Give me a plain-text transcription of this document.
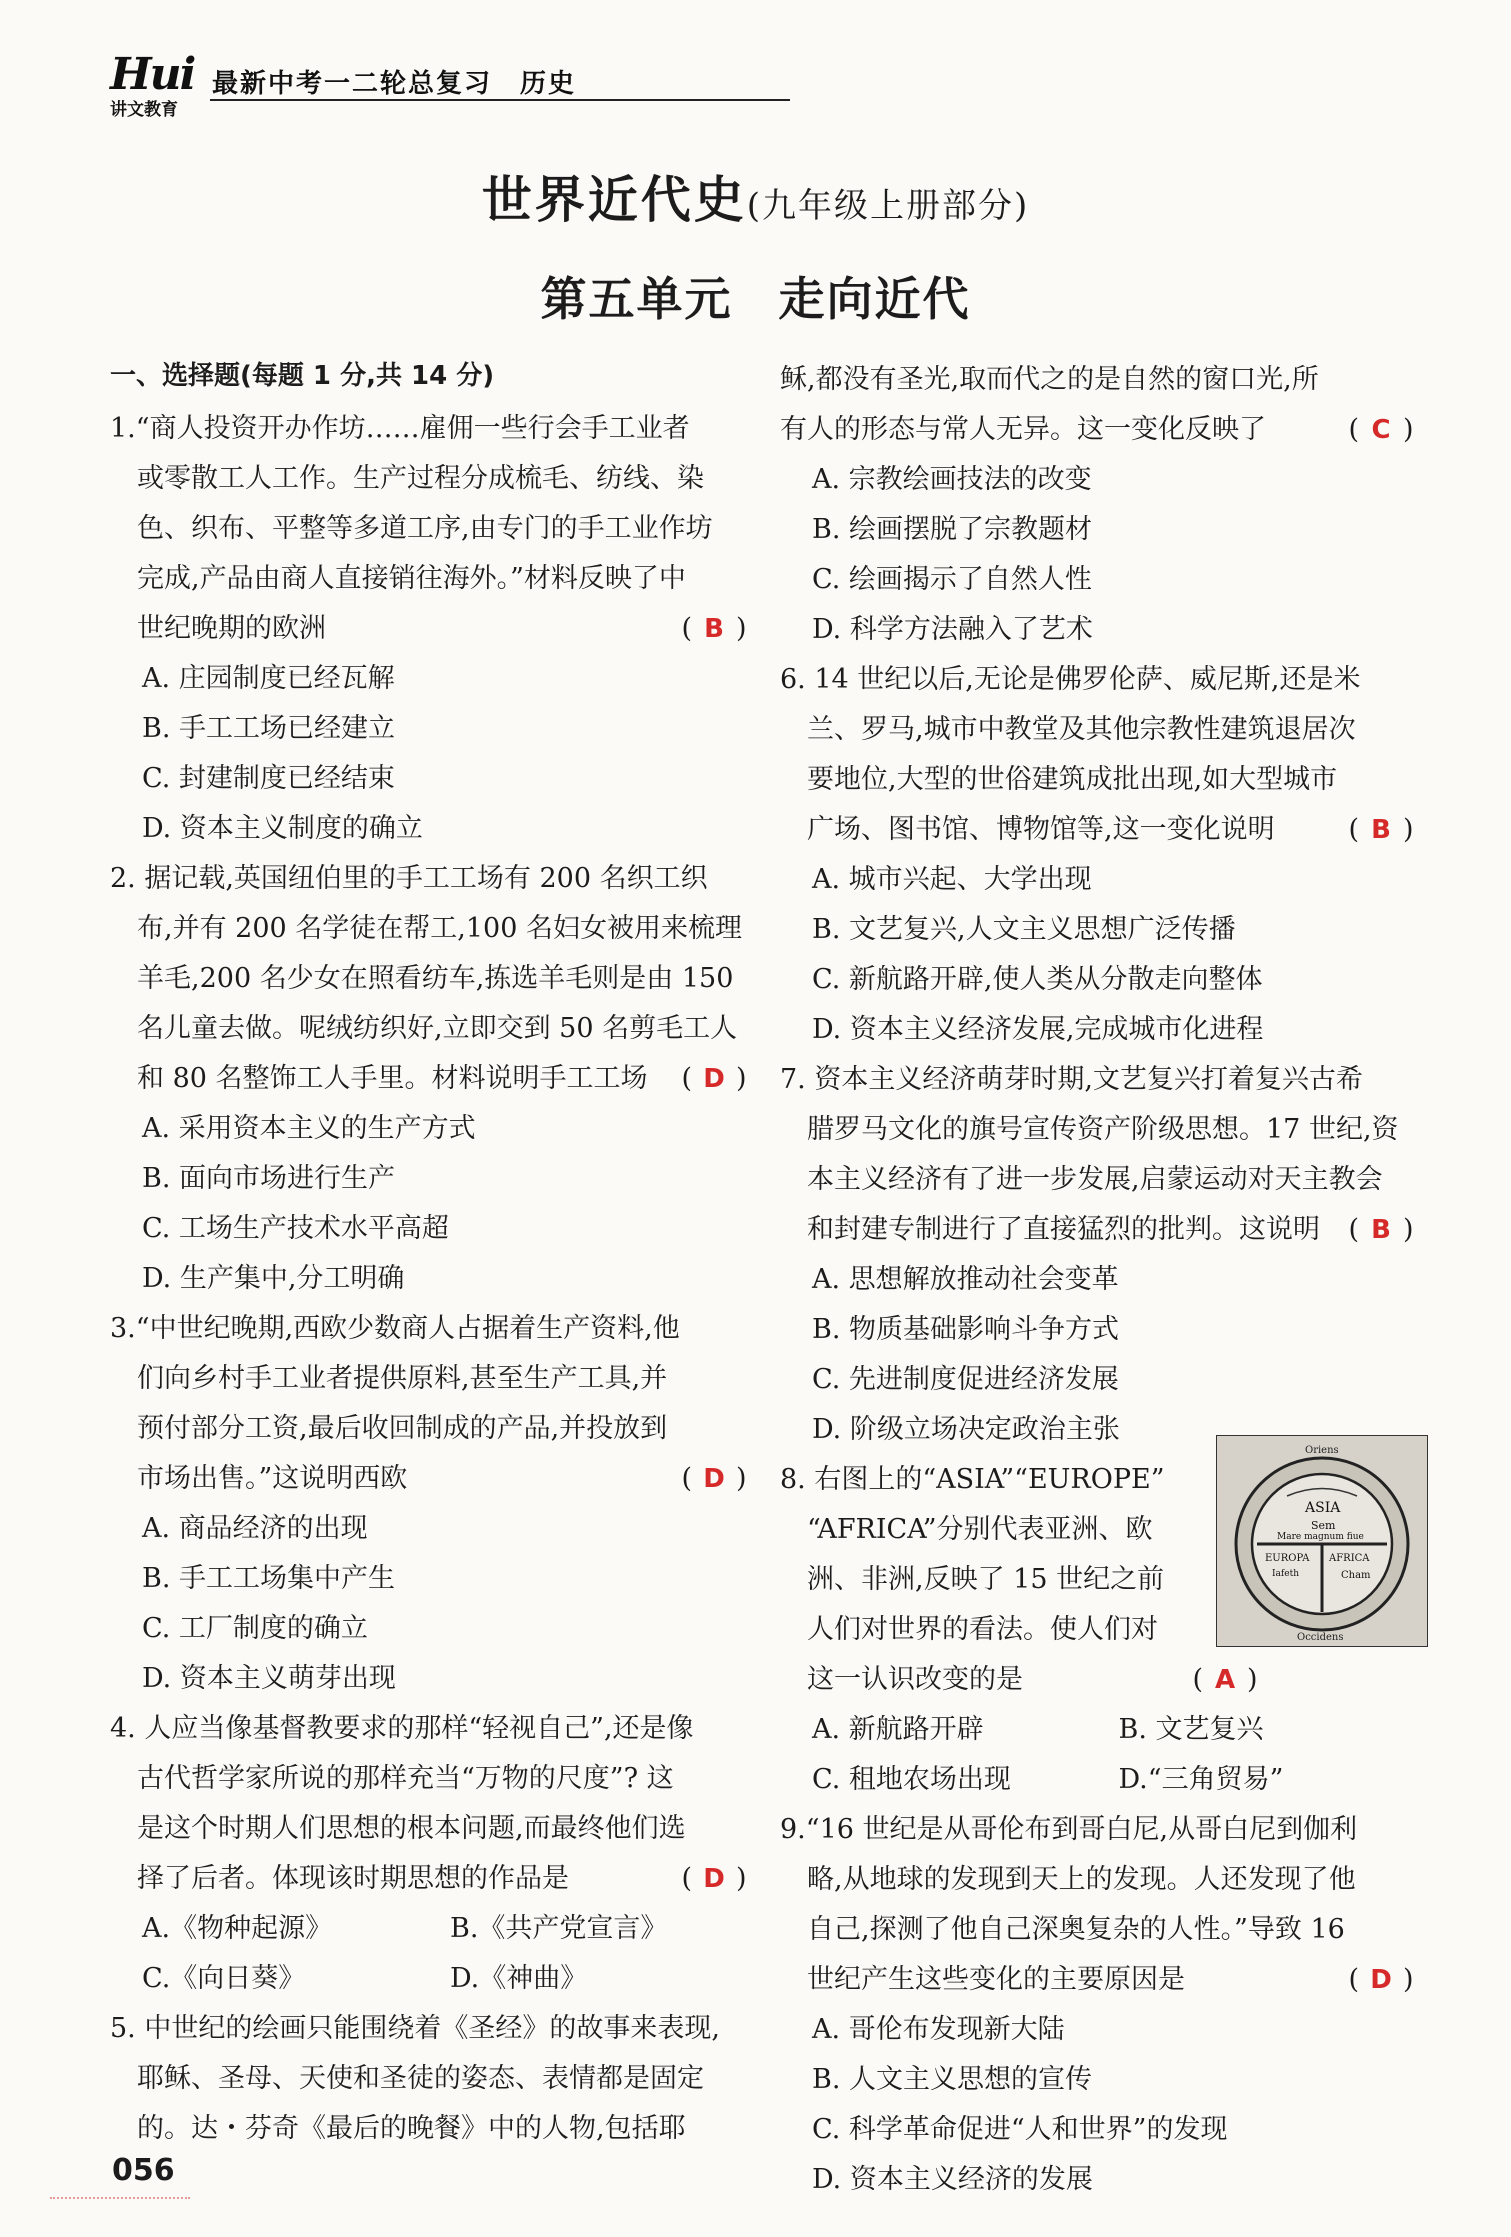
Hui
讲文教育
最新中考一二轮总复习　历史
世界近代史(九年级上册部分)
第五单元 走向近代
一、选择题(每题 1 分,共 14 分)
1.“商人投资开办作坊……雇佣一些行会手工业者
　或零散工人工作。生产过程分成梳毛、纺线、染
　色、织布、平整等多道工序,由专门的手工业作坊
　完成,产品由商人直接销往海外。”材料反映了中
　世纪晚期的欧洲	( B )
A. 庄园制度已经瓦解
B. 手工工场已经建立
C. 封建制度已经结束
D. 资本主义制度的确立
2. 据记载,英国纽伯里的手工工场有 200 名织工织
　布,并有 200 名学徒在帮工,100 名妇女被用来梳理
　羊毛,200 名少女在照看纺车,拣选羊毛则是由 150
　名儿童去做。呢绒纺织好,立即交到 50 名剪毛工人
　和 80 名整饰工人手里。材料说明手工工场 ( D )
A. 采用资本主义的生产方式
B. 面向市场进行生产
C. 工场生产技术水平高超
D. 生产集中,分工明确
3.“中世纪晚期,西欧少数商人占据着生产资料,他
　们向乡村手工业者提供原料,甚至生产工具,并
　预付部分工资,最后收回制成的产品,并投放到
　市场出售。”这说明西欧	( D )
A. 商品经济的出现
B. 手工工场集中产生
C. 工厂制度的确立
D. 资本主义萌芽出现
4. 人应当像基督教要求的那样“轻视自己”,还是像
　古代哲学家所说的那样充当“万物的尺度”? 这
　是这个时期人们思想的根本问题,而最终他们选
　择了后者。体现该时期思想的作品是	( D )
A.《物种起源》	B.《共产党宣言》
C.《向日葵》	D.《神曲》
5. 中世纪的绘画只能围绕着《圣经》的故事来表现,
　耶稣、圣母、天使和圣徒的姿态、表情都是固定
　的。达・芬奇《最后的晚餐》中的人物,包括耶
稣,都没有圣光,取而代之的是自然的窗口光,所
有人的形态与常人无异。这一变化反映了	( C )
A. 宗教绘画技法的改变
B. 绘画摆脱了宗教题材
C. 绘画揭示了自然人性
D. 科学方法融入了艺术
6. 14 世纪以后,无论是佛罗伦萨、威尼斯,还是米
　兰、罗马,城市中教堂及其他宗教性建筑退居次
　要地位,大型的世俗建筑成批出现,如大型城市
　广场、图书馆、博物馆等,这一变化说明	( B )
A. 城市兴起、大学出现
B. 文艺复兴,人文主义思想广泛传播
C. 新航路开辟,使人类从分散走向整体
D. 资本主义经济发展,完成城市化进程
7. 资本主义经济萌芽时期,文艺复兴打着复兴古希
　腊罗马文化的旗号宣传资产阶级思想。17 世纪,资
　本主义经济有了进一步发展,启蒙运动对天主教会
　和封建专制进行了直接猛烈的批判。这说明 ( B )
A. 思想解放推动社会变革
B. 物质基础影响斗争方式
C. 先进制度促进经济发展
D. 阶级立场决定政治主张
8. 右图上的“ASIA”“EUROPE”
　“AFRICA”分别代表亚洲、欧
　洲、非洲,反映了 15 世纪之前
　人们对世界的看法。使人们对
　这一认识改变的是	( A )
A. 新航路开辟	B. 文艺复兴
C. 租地农场出现	D.“三角贸易”
9.“16 世纪是从哥伦布到哥白尼,从哥白尼到伽利
　略,从地球的发现到天上的发现。人还发现了他
　自己,探测了他自己深奥复杂的人性。”导致 16
　世纪产生这些变化的主要原因是	( D )
A. 哥伦布发现新大陆
B. 人文主义思想的宣传
C. 科学革命促进“人和世界”的发现
D. 资本主义经济的发展
Oriens
ASIA
Sem
Mare magnum fiue
EUROPA
Iafeth
AFRICA
Cham
Occidens
056
